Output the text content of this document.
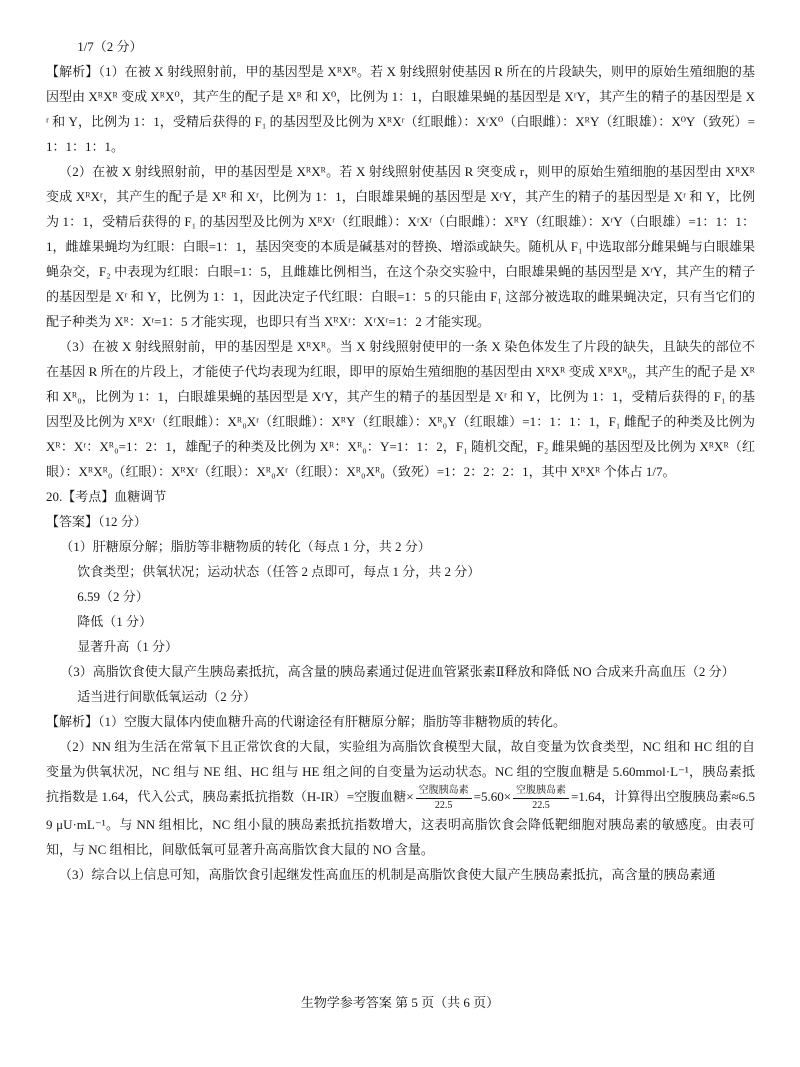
1/7（2 分）

【解析】（1）在被 X 射线照射前，甲的基因型是 XᴿXᴿ。若 X 射线照射使基因 R 所在的片段缺失，则甲的原始生殖细胞的基因型由 XᴿXᴿ 变成 XᴿX⁰，其产生的配子是 Xᴿ 和 X⁰，比例为 1：1，白眼雄果蝇的基因型是 XʳY，其产生的精子的基因型是 Xʳ 和 Y，比例为 1：1，受精后获得的 F₁ 的基因型及比例为 XᴿXʳ（红眼雌）：XʳX⁰（白眼雌）：XᴿY（红眼雄）：X⁰Y（致死）=1：1：1：1。

（2）在被 X 射线照射前，甲的基因型是 XᴿXᴿ。若 X 射线照射使基因 R 突变成 r，则甲的原始生殖细胞的基因型由 XᴿXᴿ 变成 XᴿXʳ，其产生的配子是 Xᴿ 和 Xʳ，比例为 1：1，白眼雄果蝇的基因型是 XʳY，其产生的精子的基因型是 Xʳ 和 Y，比例为 1：1，受精后获得的 F₁ 的基因型及比例为 XᴿXʳ（红眼雌）：XʳXʳ（白眼雌）：XᴿY（红眼雄）：XʳY（白眼雄）=1：1：1：1，雌雄果蝇均为红眼：白眼=1：1，基因突变的本质是碱基对的替换、增添或缺失。随机从 F₁ 中选取部分雌果蝇与白眼雄果蝇杂交，F₂ 中表现为红眼：白眼=1：5，且雌雄比例相当，在这个杂交实验中，白眼雄果蝇的基因型是 XʳY，其产生的精子的基因型是 Xʳ 和 Y，比例为 1：1，因此决定子代红眼：白眼=1：5 的只能由 F₁ 这部分被选取的雌果蝇决定，只有当它们的配子种类为 Xᴿ：Xʳ=1：5 才能实现，也即只有当 XᴿXʳ：XʳXʳ=1：2 才能实现。

（3）在被 X 射线照射前，甲的基因型是 XᴿXᴿ。当 X 射线照射使甲的一条 X 染色体发生了片段的缺失，且缺失的部位不在基因 R 所在的片段上，才能使子代均表现为红眼，即甲的原始生殖细胞的基因型由 XᴿXᴿ 变成 XᴿXᴿ₀，其产生的配子是 Xᴿ 和 Xᴿ₀，比例为 1：1，白眼雄果蝇的基因型是 XʳY，其产生的精子的基因型是 Xʳ 和 Y，比例为 1：1，受精后获得的 F₁ 的基因型及比例为 XᴿXʳ（红眼雌）：Xᴿ₀Xʳ（红眼雌）：XᴿY（红眼雄）：Xᴿ₀Y（红眼雄）=1：1：1：1，F₁ 雌配子的种类及比例为 Xᴿ：Xʳ：Xᴿ₀=1：2：1，雄配子的种类及比例为 Xᴿ：Xᴿ₀：Y=1：1：2，F₁ 随机交配，F₂ 雌果蝇的基因型及比例为 XᴿXᴿ（红眼）：XᴿXᴿ₀（红眼）：XᴿXʳ（红眼）：Xᴿ₀Xʳ（红眼）：Xᴿ₀Xᴿ₀（致死）=1：2：2：2：1，其中 XᴿXᴿ 个体占 1/7。

20.【考点】血糖调节

【答案】（12 分）

（1）肝糖原分解；脂肪等非糖物质的转化（每点 1 分，共 2 分）

饮食类型；供氧状况；运动状态（任答 2 点即可，每点 1 分，共 2 分）

6.59（2 分）

降低（1 分）

显著升高（1 分）

（3）高脂饮食使大鼠产生胰岛素抵抗，高含量的胰岛素通过促进血管紧张素Ⅱ释放和降低 NO 合成来升高血压（2 分）

适当进行间歇低氧运动（2 分）

【解析】（1）空腹大鼠体内使血糖升高的代谢途径有肝糖原分解；脂肪等非糖物质的转化。

（2）NN 组为生活在常氧下且正常饮食的大鼠，实验组为高脂饮食模型大鼠，故自变量为饮食类型，NC 组和 HC 组的自变量为供氧状况，NC 组与 NE 组、HC 组与 HE 组之间的自变量为运动状态。NC 组的空腹血糖是 5.60mmol·L⁻¹，胰岛素抵抗指数是 1.64，代入公式，胰岛素抵抗指数（H-IR）=空腹血糖× $\frac{\text{空腹胰岛素}}{22.5} =5.60\times \frac{\text{空腹胰岛素}}{22.5} =1.64$，计算得出空腹胰岛素≈6.59 μU·mL⁻¹。与 NN 组相比，NC 组小鼠的胰岛素抵抗指数增大，这表明高脂饮食会降低靶细胞对胰岛素的敏感度。由表可知，与 NC 组相比，间歇低氧可显著升高高脂饮食大鼠的 NO 含量。

（3）综合以上信息可知，高脂饮食引起继发性高血压的机制是高脂饮食使大鼠产生胰岛素抵抗，高含量的胰岛素通

生物学参考答案 第 5 页（共 6 页）
